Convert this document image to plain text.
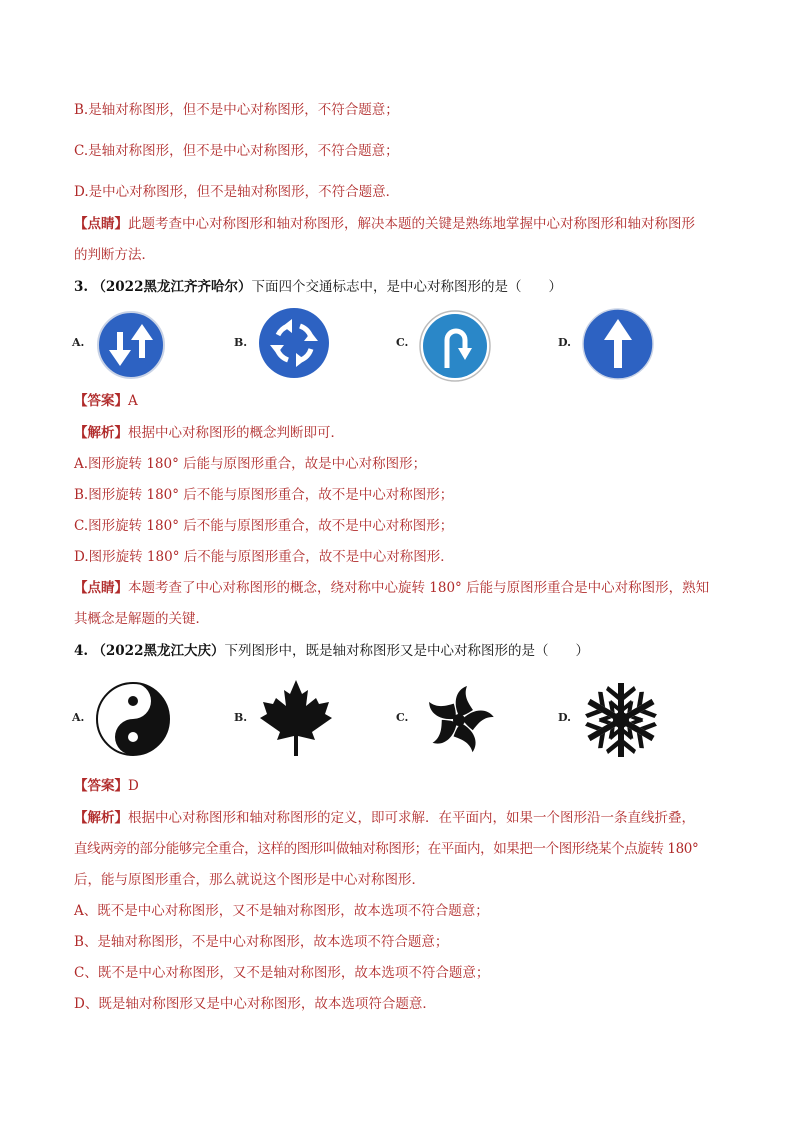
B.是轴对称图形，但不是中心对称图形，不符合题意；
C.是轴对称图形，但不是中心对称图形，不符合题意；
D.是中心对称图形，但不是轴对称图形，不符合题意．
【点睛】此题考查中心对称图形和轴对称图形，解决本题的关键是熟练地掌握中心对称图形和轴对称图形
的判断方法．
3. （2022黑龙江齐齐哈尔）下面四个交通标志中，是中心对称图形的是（　　）
A.	B.	C.	D.
【答案】A
【解析】根据中心对称图形的概念判断即可．
A.图形旋转 180° 后能与原图形重合，故是中心对称图形；
B.图形旋转 180° 后不能与原图形重合，故不是中心对称图形；
C.图形旋转 180° 后不能与原图形重合，故不是中心对称图形；
D.图形旋转 180° 后不能与原图形重合，故不是中心对称图形．
【点睛】本题考查了中心对称图形的概念，绕对称中心旋转 180° 后能与原图形重合是中心对称图形，熟知
其概念是解题的关键．
4. （2022黑龙江大庆）下列图形中，既是轴对称图形又是中心对称图形的是（　　）
A.	B.	C.	D.
【答案】D
【解析】根据中心对称图形和轴对称图形的定义，即可求解．在平面内，如果一个图形沿一条直线折叠，
直线两旁的部分能够完全重合，这样的图形叫做轴对称图形；在平面内，如果把一个图形绕某个点旋转 180°
后，能与原图形重合，那么就说这个图形是中心对称图形．
A、既不是中心对称图形，又不是轴对称图形，故本选项不符合题意；
B、是轴对称图形，不是中心对称图形，故本选项不符合题意；
C、既不是中心对称图形，又不是轴对称图形，故本选项不符合题意；
D、既是轴对称图形又是中心对称图形，故本选项符合题意．
